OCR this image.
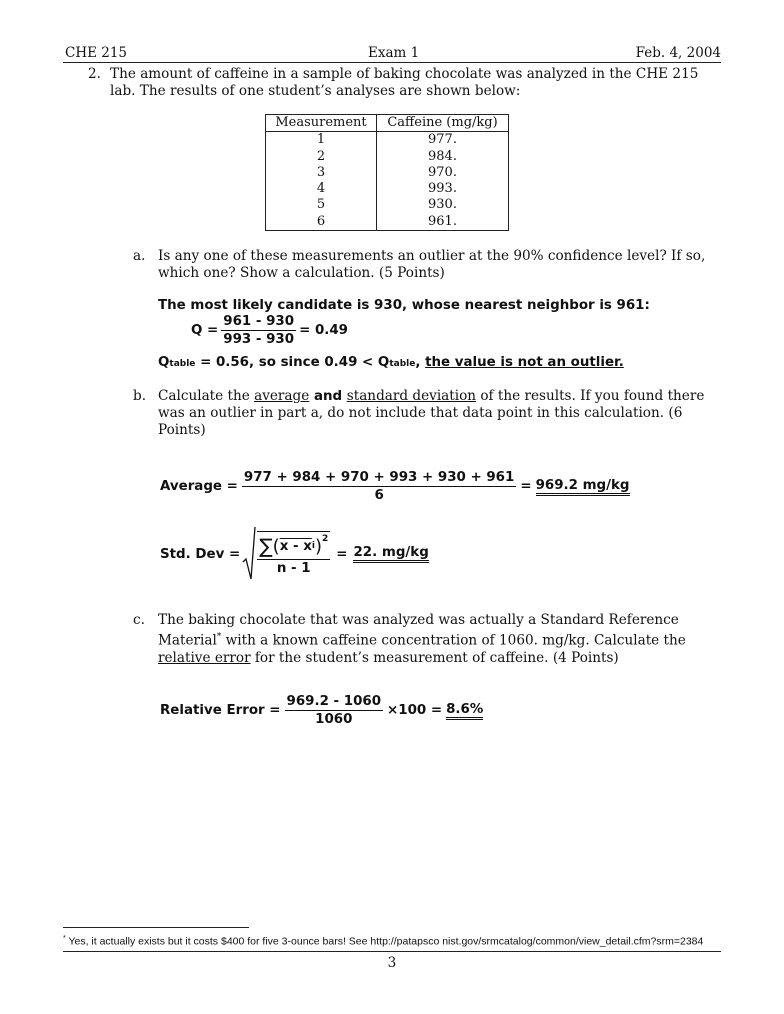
CHE 215	Exam 1	Feb. 4, 2004
2. The amount of caffeine in a sample of baking chocolate was analyzed in the CHE 215
lab. The results of one student’s analyses are shown below:
Measurement	Caffeine (mg/kg)
1	977.
2	984.
3	970.
4	993.
5	930.
6	961.
a. Is any one of these measurements an outlier at the 90% confidence level? If so,
which one? Show a calculation. (5 Points)
The most likely candidate is 930, whose nearest neighbor is 961:
$Q = \frac{961 - 930}{993 - 930} = 0.49$
Qtable = 0.56, so since 0.49 < Qtable, the value is not an outlier.
b. Calculate the average and standard deviation of the results. If you found there
was an outlier in part a, do not include that data point in this calculation. (6
Points)
Average = $\frac{977 + 984 + 970 + 993 + 930 + 961}{6} = 969.2$ mg/kg
Std. Dev = $\frac{\sum ( x - x i )^2}{n - 1} = 22$. mg/kg
c. The baking chocolate that was analyzed was actually a Standard Reference
Material* with a known caffeine concentration of 1060. mg/kg. Calculate the
relative error for the student’s measurement of caffeine. (4 Points)
Relative Error = $\frac{969.2 - 1060}{1060} \times 100 = 8.6\%$
* Yes, it actually exists but it costs $400 for five 3-ounce bars! See http://patapsco nist.gov/srmcatalog/common/view_detail.cfm?srm=2384
3
